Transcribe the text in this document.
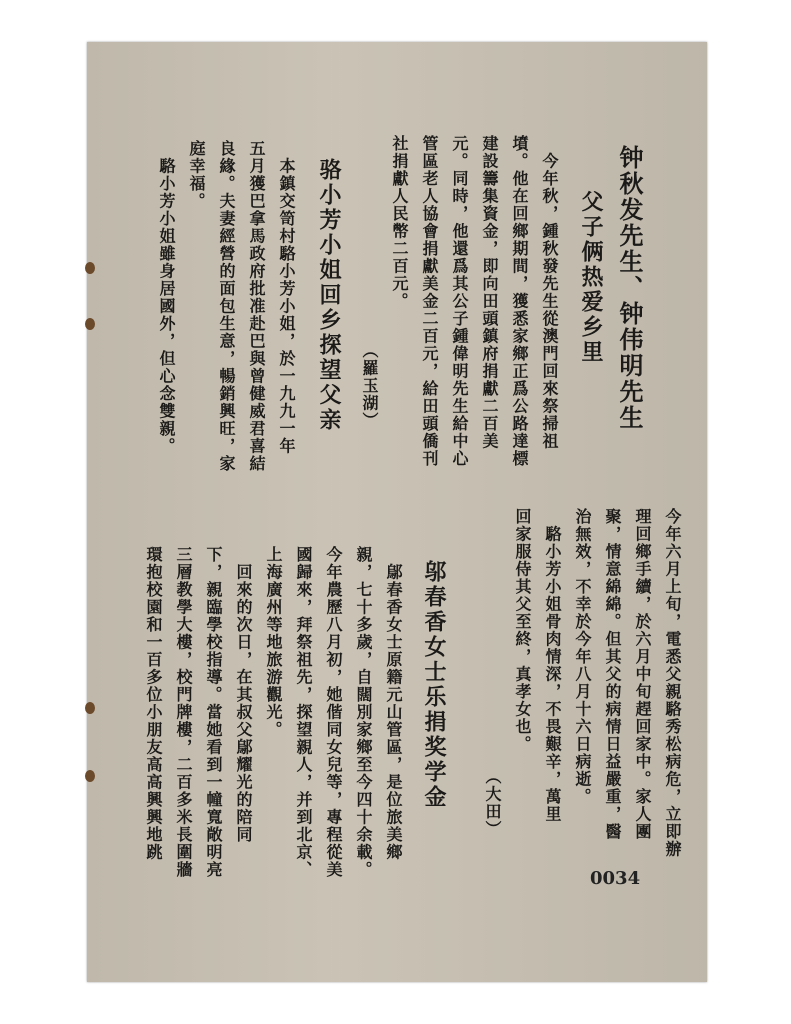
钟秋发先生、钟伟明先生
父子俩热爱乡里
　今年秋，鍾秋發先生從澳門回來祭掃祖
墳。他在回鄉期間，獲悉家鄉正爲公路達標
建設籌集資金，即向田頭鎮府捐獻二百美
元。同時，他還爲其公子鍾偉明先生給中心
管區老人協會捐獻美金二百元，給田頭僑刊
社捐獻人民幣二百元。
（羅玉湖）
骆小芳小姐回乡探望父亲
　本鎮交笥村駱小芳小姐，於一九九一年
五月獲巴拿馬政府批准赴巴與曾健威君喜結
良緣。夫妻經營的面包生意，暢銷興旺，家
庭幸福。
　駱小芳小姐雖身居國外，但心念雙親。
今年六月上旬，電悉父親駱秀松病危，立即辦
理回鄉手續，於六月中旬趕回家中。家人團
聚，情意綿綿。但其父的病情日益嚴重，醫
治無效，不幸於今年八月十六日病逝。
　駱小芳小姐骨肉情深，不畏艱辛，萬里
回家服侍其父至終，真孝女也。
（大田）
邬春香女士乐捐奖学金
　鄔春香女士原籍元山管區，是位旅美鄉
親，七十多歲，自闊別家鄉至今四十余載。
今年農歷八月初，她偕同女兒等，專程從美
國歸來，拜祭祖先，探望親人，并到北京、
上海廣州等地旅游觀光。
　回來的次日，在其叔父鄔耀光的陪同
下，親臨學校指導。當她看到一幢寬敞明亮
三層教學大樓，校門牌樓，二百多米長圍牆
環抱校園和一百多位小朋友高高興興地跳
0034
